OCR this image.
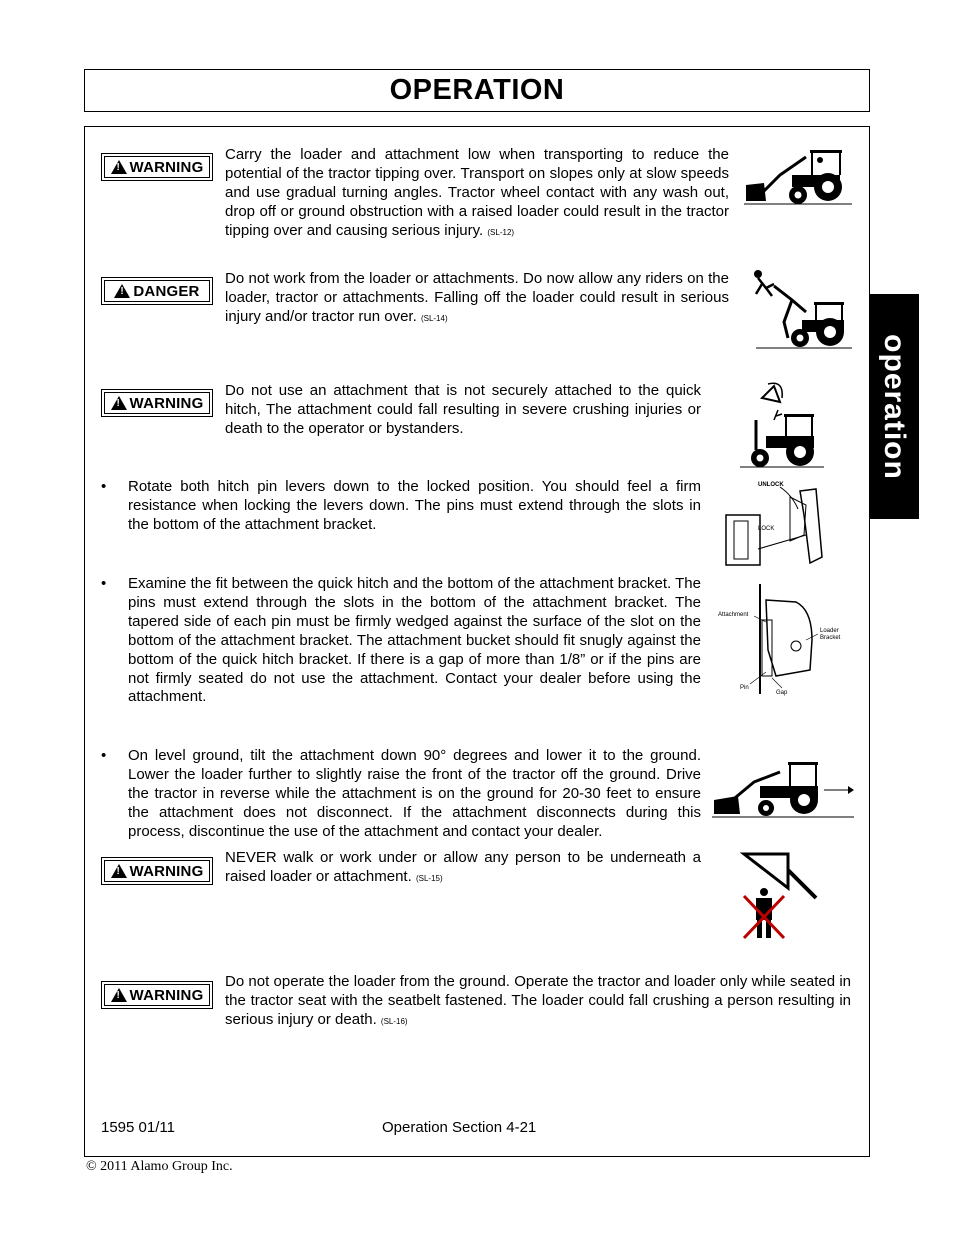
OPERATION
operation
!
WARNING
Carry the loader and attachment low when transporting to reduce the potential of the tractor tipping over. Transport on slopes only at slow speeds and use gradual turning angles. Tractor wheel contact with any wash out, drop off or ground obstruction with a raised loader could result in the tractor tipping over and causing serious injury. (SL-12)
!
DANGER
Do not work from the loader or attachments. Do now allow any riders on the loader, tractor or attachments. Falling off the loader could result in serious injury and/or tractor run over. (SL-14)
!
WARNING
Do not use an attachment that is not securely attached to the quick hitch, The attachment could fall resulting in severe crushing injuries or death to the operator or bystanders.
• Rotate both hitch pin levers down to the locked position. You should feel a firm resistance when locking the levers down. The pins must extend through the slots in the bottom of the attachment bracket.
UNLOCK
LOCK
• Examine the fit between the quick hitch and the bottom of the attachment bracket. The pins must extend through the slots in the bottom of the attachment bracket. The tapered side of each pin must be firmly wedged against the surface of the slot on the bottom of the attachment bracket. The attachment bucket should fit snugly against the bottom of the quick hitch bracket. If there is a gap of more than 1/8” or if the pins are not firmly seated do not use the attachment. Contact your dealer before using the attachment.
Attachment
Loader
Bracket
Pin
Gap
• On level ground, tilt the attachment down 90° degrees and lower it to the ground. Lower the loader further to slightly raise the front of the tractor off the ground. Drive the tractor in reverse while the attachment is on the ground for 20-30 feet to ensure the attachment does not disconnect. If the attachment disconnects during this process, discontinue the use of the attachment and contact your dealer.
!
WARNING
NEVER walk or work under or allow any person to be underneath a raised loader or attachment. (SL-15)
!
WARNING
Do not operate the loader from the ground. Operate the tractor and loader only while seated in the tractor seat with the seatbelt fastened. The loader could fall crushing a person resulting in serious injury or death. (SL-16)
1595 01/11	Operation Section 4-21
© 2011 Alamo Group Inc.
